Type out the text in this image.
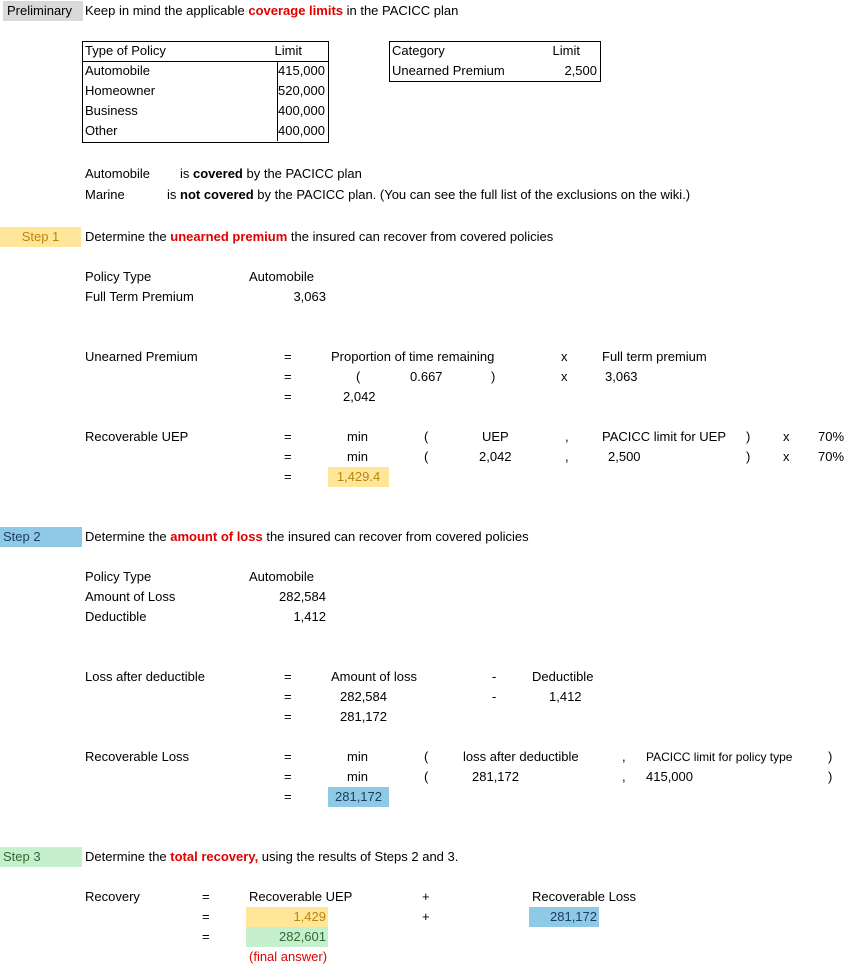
Preliminary Keep in mind the applicable coverage limits in the PACICC plan
Type of Policy	Limit
Automobile	415,000
Homeowner	520,000
Business	400,000
Other	400,000
Category	Limit
Unearned Premium	2,500
Automobile is covered by the PACICC plan
Marine	is not covered by the PACICC plan. (You can see the full list of the exclusions on the wiki.)
Step 1	Determine the unearned premium the insured can recover from covered policies
Policy Type	Automobile
Full Term Premium	3,063
Unearned Premium	=	Proportion of time remaining	x	Full term premium
=	(	0.667	)	x	3,063
=	2,042
Recoverable UEP	=	min	(	UEP	,	PACICC limit for UEP )	x 70%
=	min	(	2,042	,	2,500	)	x 70%
=	1,429.4
Step 2	Determine the amount of loss the insured can recover from covered policies
Policy Type	Automobile
Amount of Loss	282,584
Deductible	1,412
Loss after deductible	=	Amount of loss	-	Deductible
=	282,584	-	1,412
=	281,172
Recoverable Loss	=	min	(	loss after deductible	, PACICC limit for policy type	)
=	min	(	281,172	, 415,000	)
=	281,172
Step 3	Determine the total recovery, using the results of Steps 2 and 3.
Recovery	=	Recoverable UEP	+	Recoverable Loss
=	1,429	+	281,172
=	282,601
(final answer)
